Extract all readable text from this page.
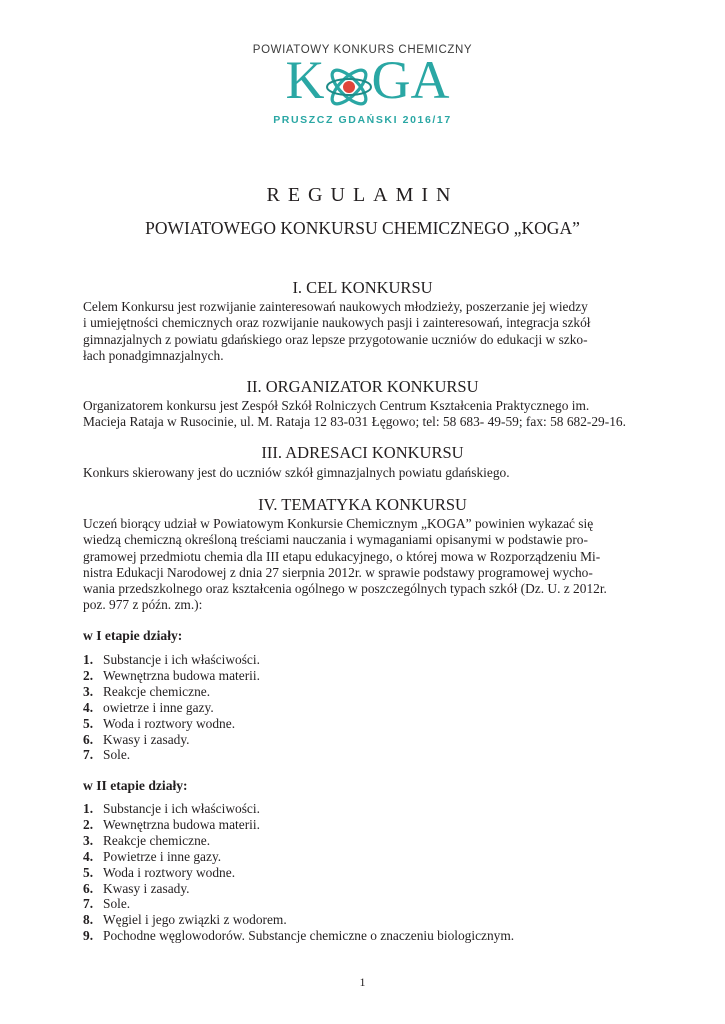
POWIATOWY KONKURS CHEMICZNY
K GA
PRUSZCZ GDAŃSKI 2016/17
REGULAMIN
POWIATOWEGO KONKURSU CHEMICZNEGO „KOGA”
I. CEL KONKURSU
Celem Konkursu jest rozwijanie zainteresowań naukowych młodzieży, poszerzanie jej wiedzy
i umiejętności chemicznych oraz rozwijanie naukowych pasji i zainteresowań, integracja szkół
gimnazjalnych z powiatu gdańskiego oraz lepsze przygotowanie uczniów do edukacji w szko-
łach ponadgimnazjalnych.
II. ORGANIZATOR KONKURSU
Organizatorem konkursu jest Zespół Szkół Rolniczych Centrum Kształcenia Praktycznego im.
Macieja Rataja w Rusocinie, ul. M. Rataja 12 83-031 Łęgowo; tel: 58 683- 49-59; fax: 58 682-29-16.
III. ADRESACI KONKURSU
Konkurs skierowany jest do uczniów szkół gimnazjalnych powiatu gdańskiego.
IV. TEMATYKA KONKURSU
Uczeń biorący udział w Powiatowym Konkursie Chemicznym „KOGA” powinien wykazać się
wiedzą chemiczną określoną treściami nauczania i wymaganiami opisanymi w podstawie pro-
gramowej przedmiotu chemia dla III etapu edukacyjnego, o której mowa w Rozporządzeniu Mi-
nistra Edukacji Narodowej z dnia 27 sierpnia 2012r. w sprawie podstawy programowej wycho-
wania przedszkolnego oraz kształcenia ogólnego w poszczególnych typach szkół (Dz. U. z 2012r.
poz. 977 z późn. zm.):
w I etapie działy:
1. Substancje i ich właściwości.
2. Wewnętrzna budowa materii.
3. Reakcje chemiczne.
4. owietrze i inne gazy.
5. Woda i roztwory wodne.
6. Kwasy i zasady.
7. Sole.
w II etapie działy:
1. Substancje i ich właściwości.
2. Wewnętrzna budowa materii.
3. Reakcje chemiczne.
4. Powietrze i inne gazy.
5. Woda i roztwory wodne.
6. Kwasy i zasady.
7. Sole.
8. Węgiel i jego związki z wodorem.
9. Pochodne węglowodorów. Substancje chemiczne o znaczeniu biologicznym.
1
